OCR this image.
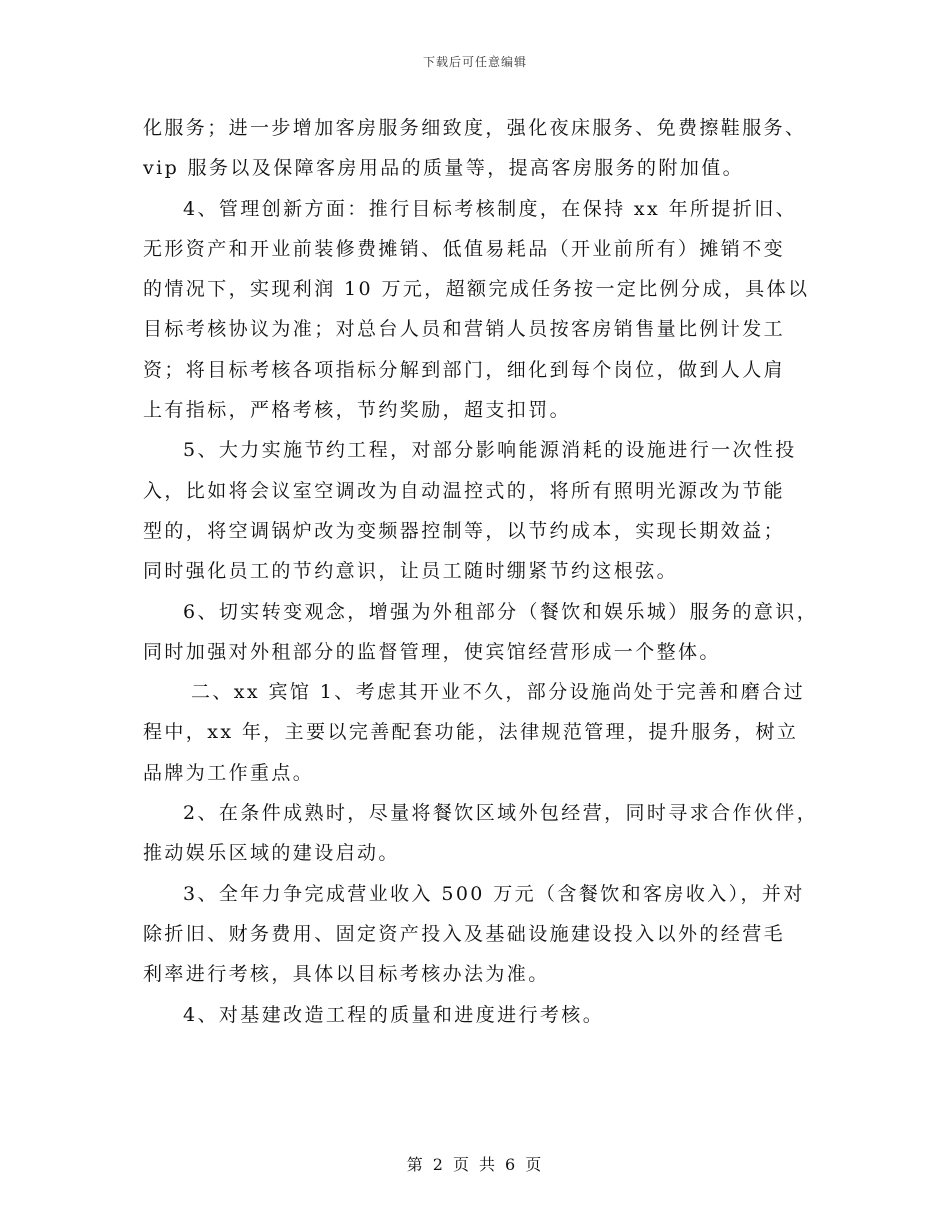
下载后可任意编辑
化服务；进一步增加客房服务细致度，强化夜床服务、免费擦鞋服务、
vip 服务以及保障客房用品的质量等，提高客房服务的附加值。
4、管理创新方面：推行目标考核制度，在保持 xx 年所提折旧、
无形资产和开业前装修费摊销、低值易耗品（开业前所有）摊销不变
的情况下，实现利润 10 万元，超额完成任务按一定比例分成，具体以
目标考核协议为准；对总台人员和营销人员按客房销售量比例计发工
资；将目标考核各项指标分解到部门，细化到每个岗位，做到人人肩
上有指标，严格考核，节约奖励，超支扣罚。
5、大力实施节约工程，对部分影响能源消耗的设施进行一次性投
入，比如将会议室空调改为自动温控式的，将所有照明光源改为节能
型的，将空调锅炉改为变频器控制等，以节约成本，实现长期效益；
同时强化员工的节约意识，让员工随时绷紧节约这根弦。
6、切实转变观念，增强为外租部分（餐饮和娱乐城）服务的意识，
同时加强对外租部分的监督管理，使宾馆经营形成一个整体。
二、xx 宾馆 1、考虑其开业不久，部分设施尚处于完善和磨合过
程中，xx 年，主要以完善配套功能，法律规范管理，提升服务，树立
品牌为工作重点。
2、在条件成熟时，尽量将餐饮区域外包经营，同时寻求合作伙伴，
推动娱乐区域的建设启动。
3、全年力争完成营业收入 500 万元（含餐饮和客房收入），并对
除折旧、财务费用、固定资产投入及基础设施建设投入以外的经营毛
利率进行考核，具体以目标考核办法为准。
4、对基建改造工程的质量和进度进行考核。
第 2 页 共 6 页
